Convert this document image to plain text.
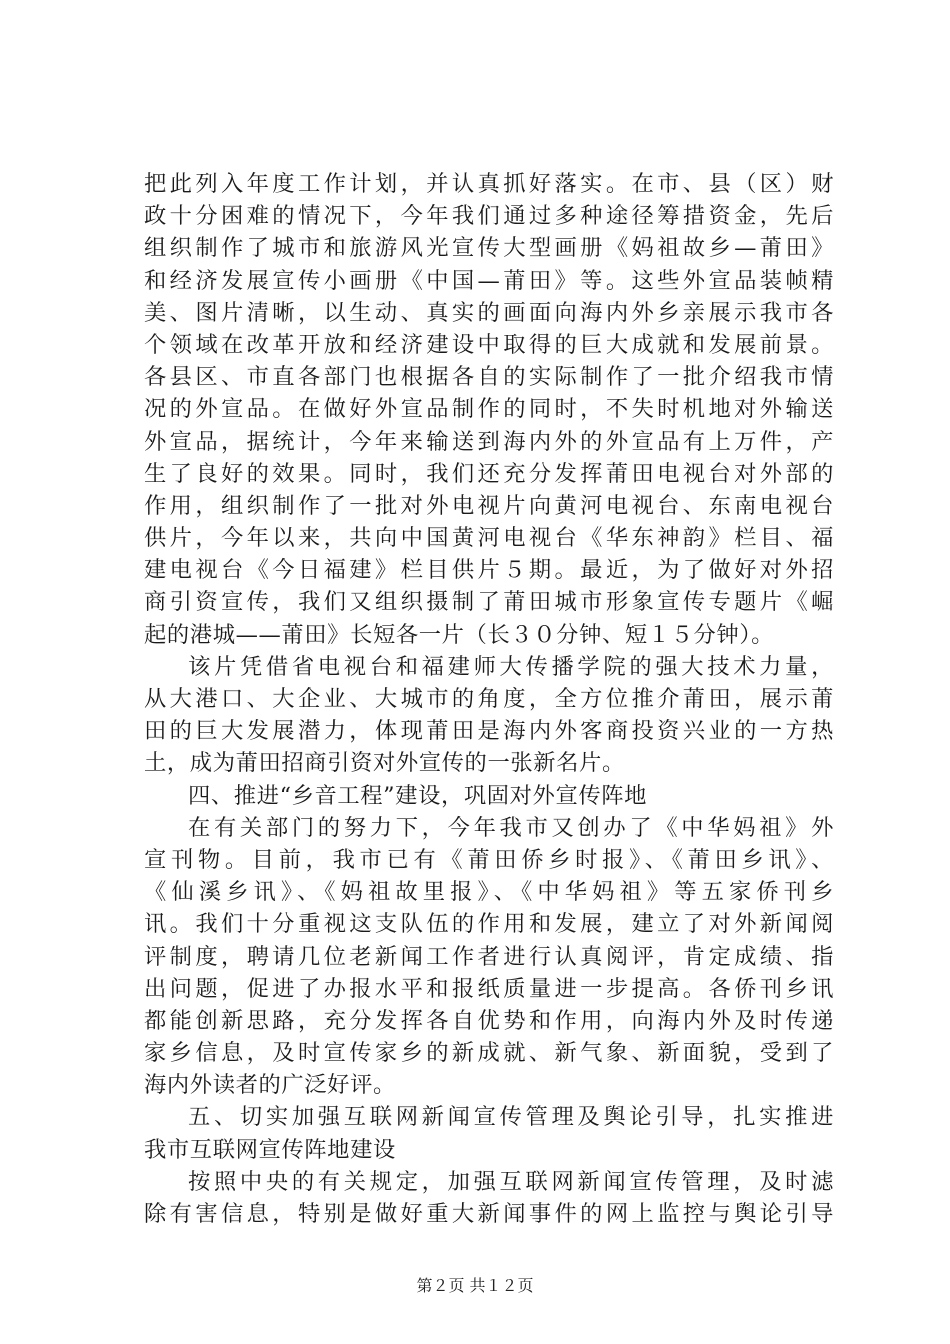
把此列入年度工作计划，并认真抓好落实。在市、县（区）财
政十分困难的情况下，今年我们通过多种途径筹措资金，先后
组织制作了城市和旅游风光宣传大型画册《妈祖故乡—莆田》
和经济发展宣传小画册《中国—莆田》等。这些外宣品装帧精
美、图片清晰，以生动、真实的画面向海内外乡亲展示我市各
个领域在改革开放和经济建设中取得的巨大成就和发展前景。
各县区、市直各部门也根据各自的实际制作了一批介绍我市情
况的外宣品。在做好外宣品制作的同时，不失时机地对外输送
外宣品，据统计，今年来输送到海内外的外宣品有上万件，产
生了良好的效果。同时，我们还充分发挥莆田电视台对外部的
作用，组织制作了一批对外电视片向黄河电视台、东南电视台
供片，今年以来，共向中国黄河电视台《华东神韵》栏目、福
建电视台《今日福建》栏目供片５期。最近，为了做好对外招
商引资宣传，我们又组织摄制了莆田城市形象宣传专题片《崛
起的港城——莆田》长短各一片（长３０分钟、短１５分钟）。
该片凭借省电视台和福建师大传播学院的强大技术力量，
从大港口、大企业、大城市的角度，全方位推介莆田，展示莆
田的巨大发展潜力，体现莆田是海内外客商投资兴业的一方热
土，成为莆田招商引资对外宣传的一张新名片。
四、推进“乡音工程”建设，巩固对外宣传阵地
在有关部门的努力下，今年我市又创办了《中华妈祖》外
宣刊物。目前，我市已有《莆田侨乡时报》、《莆田乡讯》、
《仙溪乡讯》、《妈祖故里报》、《中华妈祖》等五家侨刊乡
讯。我们十分重视这支队伍的作用和发展，建立了对外新闻阅
评制度，聘请几位老新闻工作者进行认真阅评，肯定成绩、指
出问题，促进了办报水平和报纸质量进一步提高。各侨刊乡讯
都能创新思路，充分发挥各自优势和作用，向海内外及时传递
家乡信息，及时宣传家乡的新成就、新气象、新面貌，受到了
海内外读者的广泛好评。
五、切实加强互联网新闻宣传管理及舆论引导，扎实推进
我市互联网宣传阵地建设
按照中央的有关规定，加强互联网新闻宣传管理，及时滤
除有害信息，特别是做好重大新闻事件的网上监控与舆论引导
第２页 共１２页
